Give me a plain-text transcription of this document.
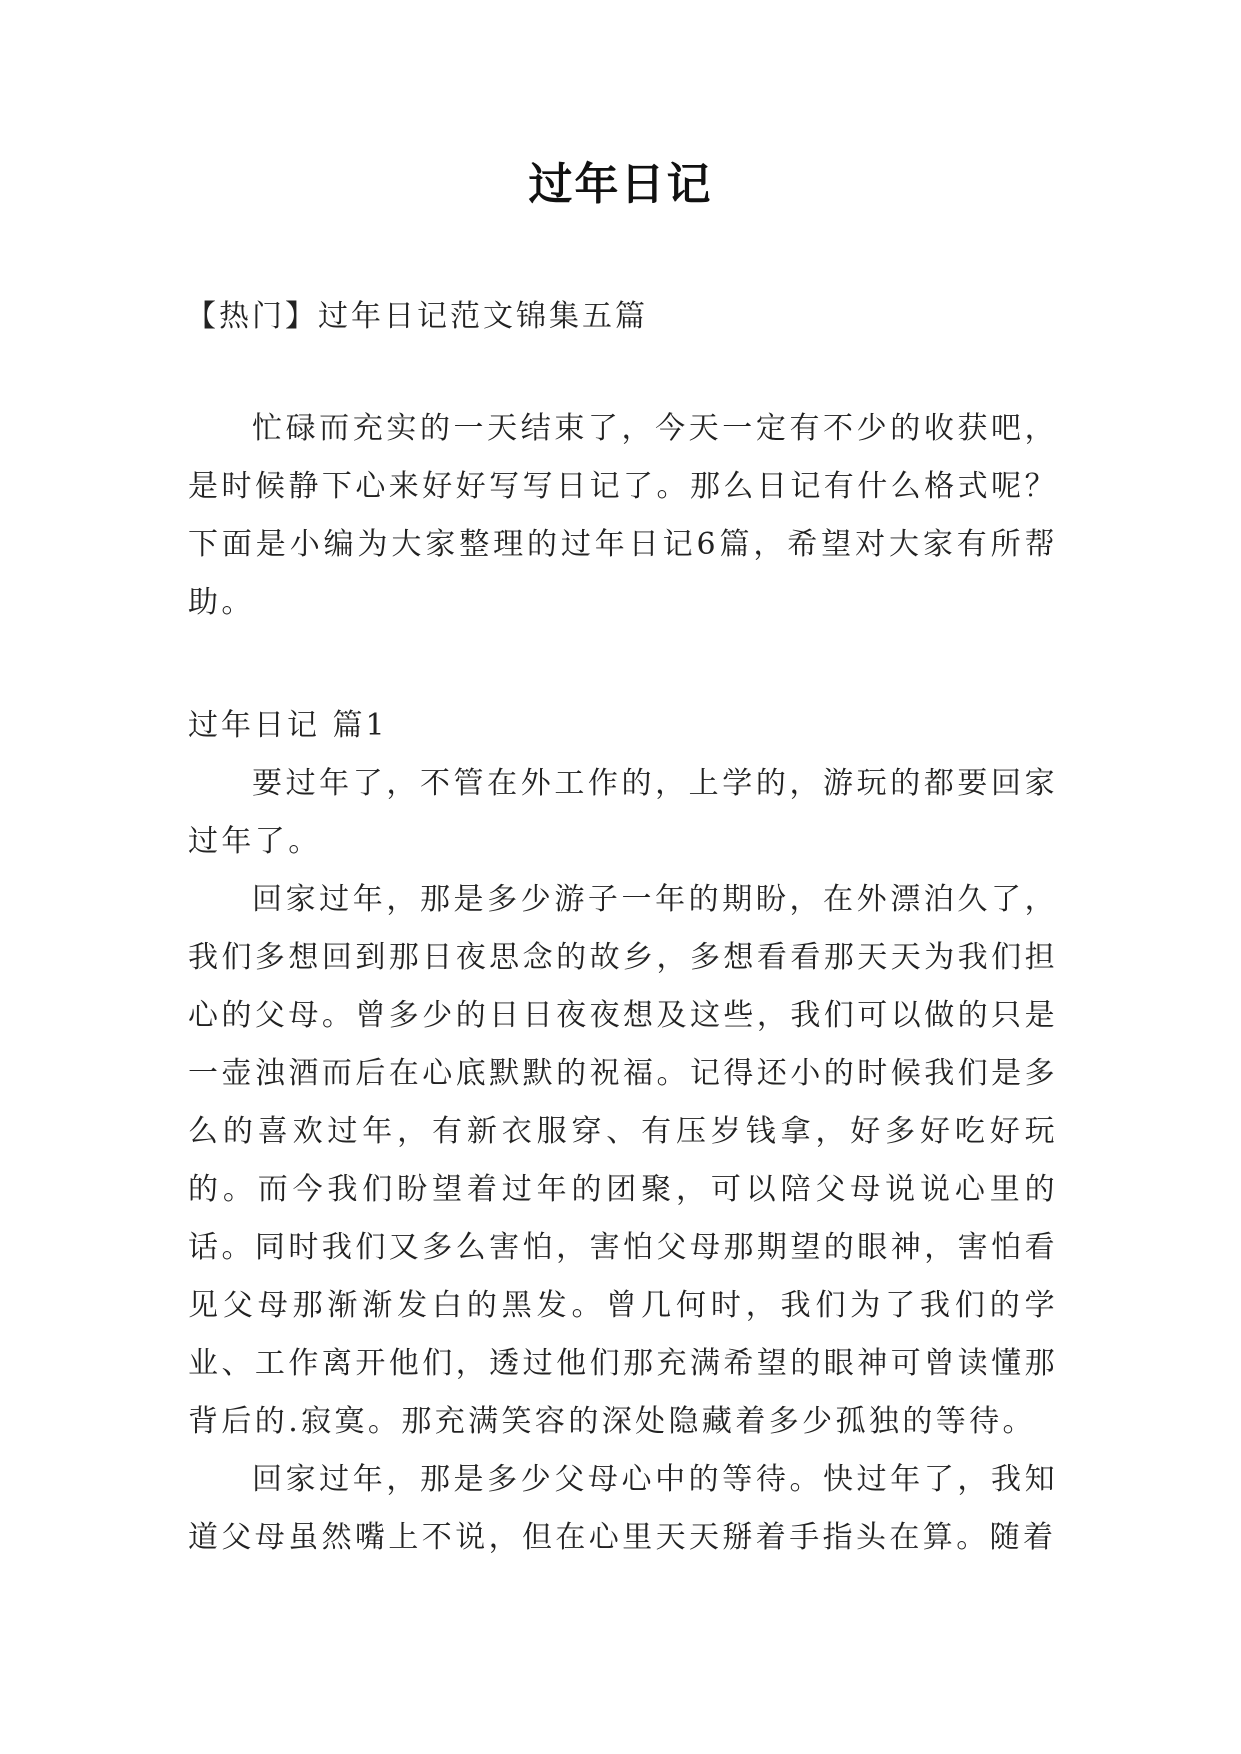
过年日记
【热门】过年日记范文锦集五篇

忙碌而充实的一天结束了，今天一定有不少的收获吧，是时候静下心来好好写写日记了。那么日记有什么格式呢？下面是小编为大家整理的过年日记6篇，希望对大家有所帮助。

过年日记 篇1

要过年了，不管在外工作的，上学的，游玩的都要回家过年了。

回家过年，那是多少游子一年的期盼，在外漂泊久了，我们多想回到那日夜思念的故乡，多想看看那天天为我们担心的父母。曾多少的日日夜夜想及这些，我们可以做的只是一壶浊酒而后在心底默默的祝福。记得还小的时候我们是多么的喜欢过年，有新衣服穿、有压岁钱拿，好多好吃好玩的。而今我们盼望着过年的团聚，可以陪父母说说心里的话。同时我们又多么害怕，害怕父母那期望的眼神，害怕看见父母那渐渐发白的黑发。曾几何时，我们为了我们的学业、工作离开他们，透过他们那充满希望的眼神可曾读懂那背后的.寂寞。那充满笑容的深处隐藏着多少孤独的等待。

回家过年，那是多少父母心中的等待。快过年了，我知道父母虽然嘴上不说，但在心里天天掰着手指头在算。随着
